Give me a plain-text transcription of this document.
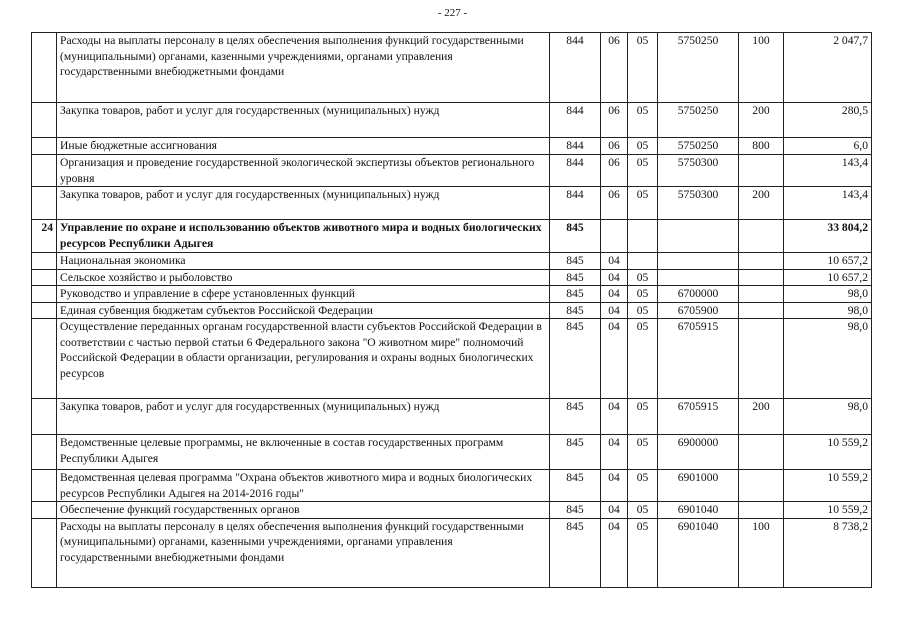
- 227 -
	Расходы на выплаты персоналу в целях обеспечения выполнения функций государственными (муниципальными) органами, казенными учреждениями, органами управления государственными внебюджетными фондами	844	06	05	5750250	100	2 047,7
	Закупка товаров, работ и услуг для государственных (муниципальных) нужд	844	06	05	5750250	200	280,5
	Иные бюджетные ассигнования	844	06	05	5750250	800	6,0
	Организация и проведение государственной экологической экспертизы объектов регионального уровня	844	06	05	5750300		143,4
	Закупка товаров, работ и услуг для государственных (муниципальных) нужд	844	06	05	5750300	200	143,4
24	Управление по охране и использованию объектов животного мира и водных биологических ресурсов Республики Адыгея	845					33 804,2
	Национальная экономика	845	04				10 657,2
	Сельское хозяйство и рыболовство	845	04	05			10 657,2
	Руководство и управление в сфере установленных функций	845	04	05	6700000		98,0
	Единая субвенция бюджетам субъектов Российской Федерации	845	04	05	6705900		98,0
	Осуществление переданных органам государственной власти субъектов Российской Федерации в соответствии с частью первой статьи 6 Федерального закона "О животном мире" полномочий Российской Федерации в области организации, регулирования и охраны водных биологических ресурсов	845	04	05	6705915		98,0
	Закупка товаров, работ и услуг для государственных (муниципальных) нужд	845	04	05	6705915	200	98,0
	Ведомственные целевые программы, не включенные в состав государственных программ Республики Адыгея	845	04	05	6900000		10 559,2
	Ведомственная целевая программа "Охрана объектов животного мира и водных биологических ресурсов Республики Адыгея на 2014-2016 годы"	845	04	05	6901000		10 559,2
	Обеспечение функций государственных органов	845	04	05	6901040		10 559,2
	Расходы на выплаты персоналу в целях обеспечения выполнения функций государственными (муниципальными) органами, казенными учреждениями, органами управления государственными внебюджетными фондами	845	04	05	6901040	100	8 738,2
